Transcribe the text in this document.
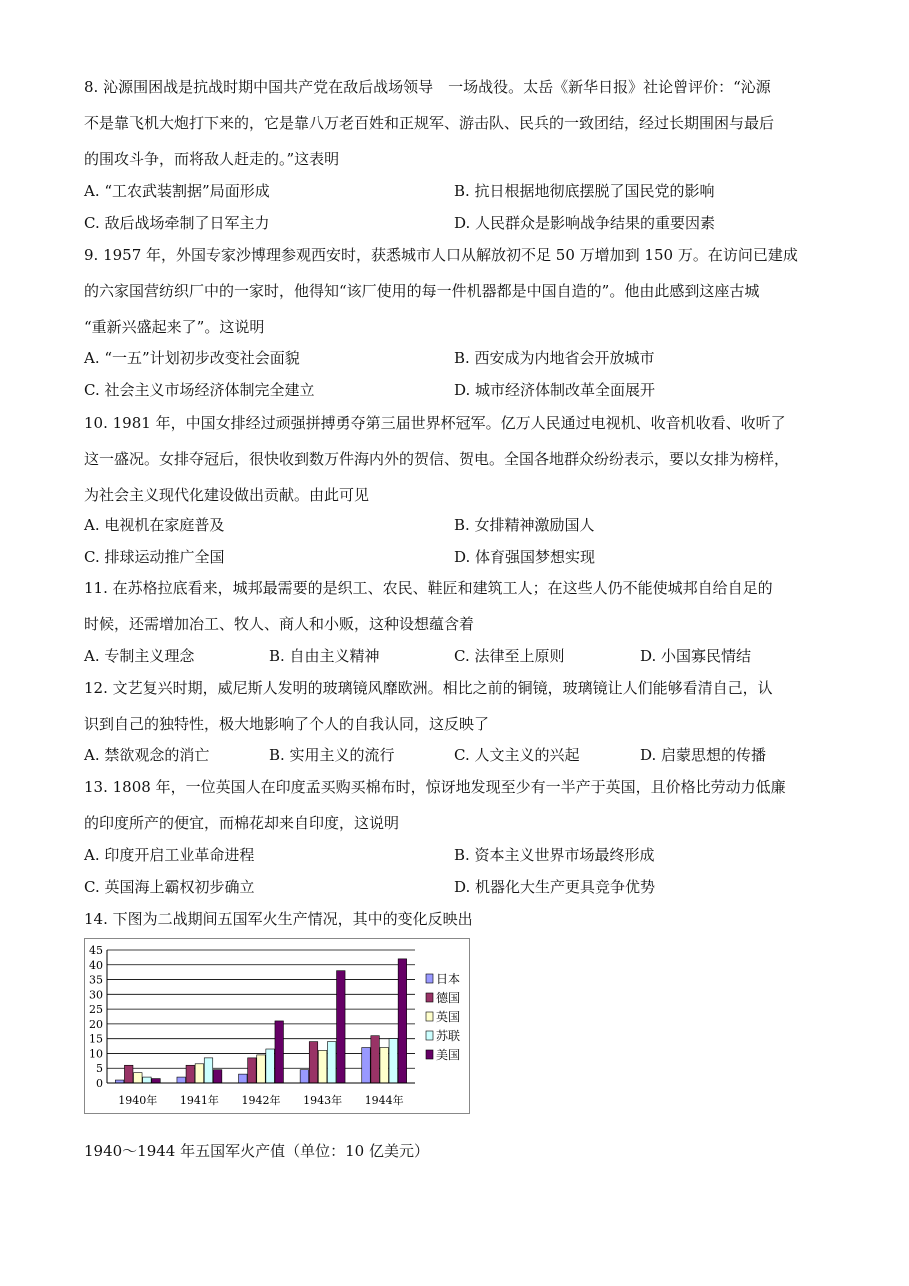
8. 沁源围困战是抗战时期中国共产党在敌后战场领导　一场战役。太岳《新华日报》社论曾评价：“沁源
不是靠飞机大炮打下来的，它是靠八万老百姓和正规军、游击队、民兵的一致团结，经过长期围困与最后
的围攻斗争，而将敌人赶走的。”这表明
A. “工农武装割据”局面形成	B. 抗日根据地彻底摆脱了国民党的影响
C. 敌后战场牵制了日军主力	D. 人民群众是影响战争结果的重要因素
9. 1957 年，外国专家沙博理参观西安时，获悉城市人口从解放初不足 50 万增加到 150 万。在访问已建成
的六家国营纺织厂中的一家时，他得知“该厂使用的每一件机器都是中国自造的”。他由此感到这座古城
“重新兴盛起来了”。这说明
A. “一五”计划初步改变社会面貌	B. 西安成为内地省会开放城市
C. 社会主义市场经济体制完全建立	D. 城市经济体制改革全面展开
10. 1981 年，中国女排经过顽强拼搏勇夺第三届世界杯冠军。亿万人民通过电视机、收音机收看、收听了
这一盛况。女排夺冠后，很快收到数万件海内外的贺信、贺电。全国各地群众纷纷表示，要以女排为榜样，
为社会主义现代化建设做出贡献。由此可见
A. 电视机在家庭普及	B. 女排精神激励国人
C. 排球运动推广全国	D. 体育强国梦想实现
11. 在苏格拉底看来，城邦最需要的是织工、农民、鞋匠和建筑工人；在这些人仍不能使城邦自给自足的
时候，还需增加冶工、牧人、商人和小贩，这种设想蕴含着
A. 专制主义理念	B. 自由主义精神	C. 法律至上原则	D. 小国寡民情结
12. 文艺复兴时期，威尼斯人发明的玻璃镜风靡欧洲。相比之前的铜镜，玻璃镜让人们能够看清自己，认
识到自己的独特性，极大地影响了个人的自我认同，这反映了
A. 禁欲观念的消亡	B. 实用主义的流行	C. 人文主义的兴起	D. 启蒙思想的传播
13. 1808 年，一位英国人在印度孟买购买棉布时，惊讶地发现至少有一半产于英国，且价格比劳动力低廉
的印度所产的便宜，而棉花却来自印度，这说明
A. 印度开启工业革命进程	B. 资本主义世界市场最终形成
C. 英国海上霸权初步确立	D. 机器化大生产更具竞争优势
14. 下图为二战期间五国军火生产情况，其中的变化反映出
0
5
10
15
20
25
30
35
40
45
1940年 1941年 1942年 1943年 1944年
日本
德国
英国
苏联
美国
1940～1944 年五国军火产值（单位：10 亿美元）
